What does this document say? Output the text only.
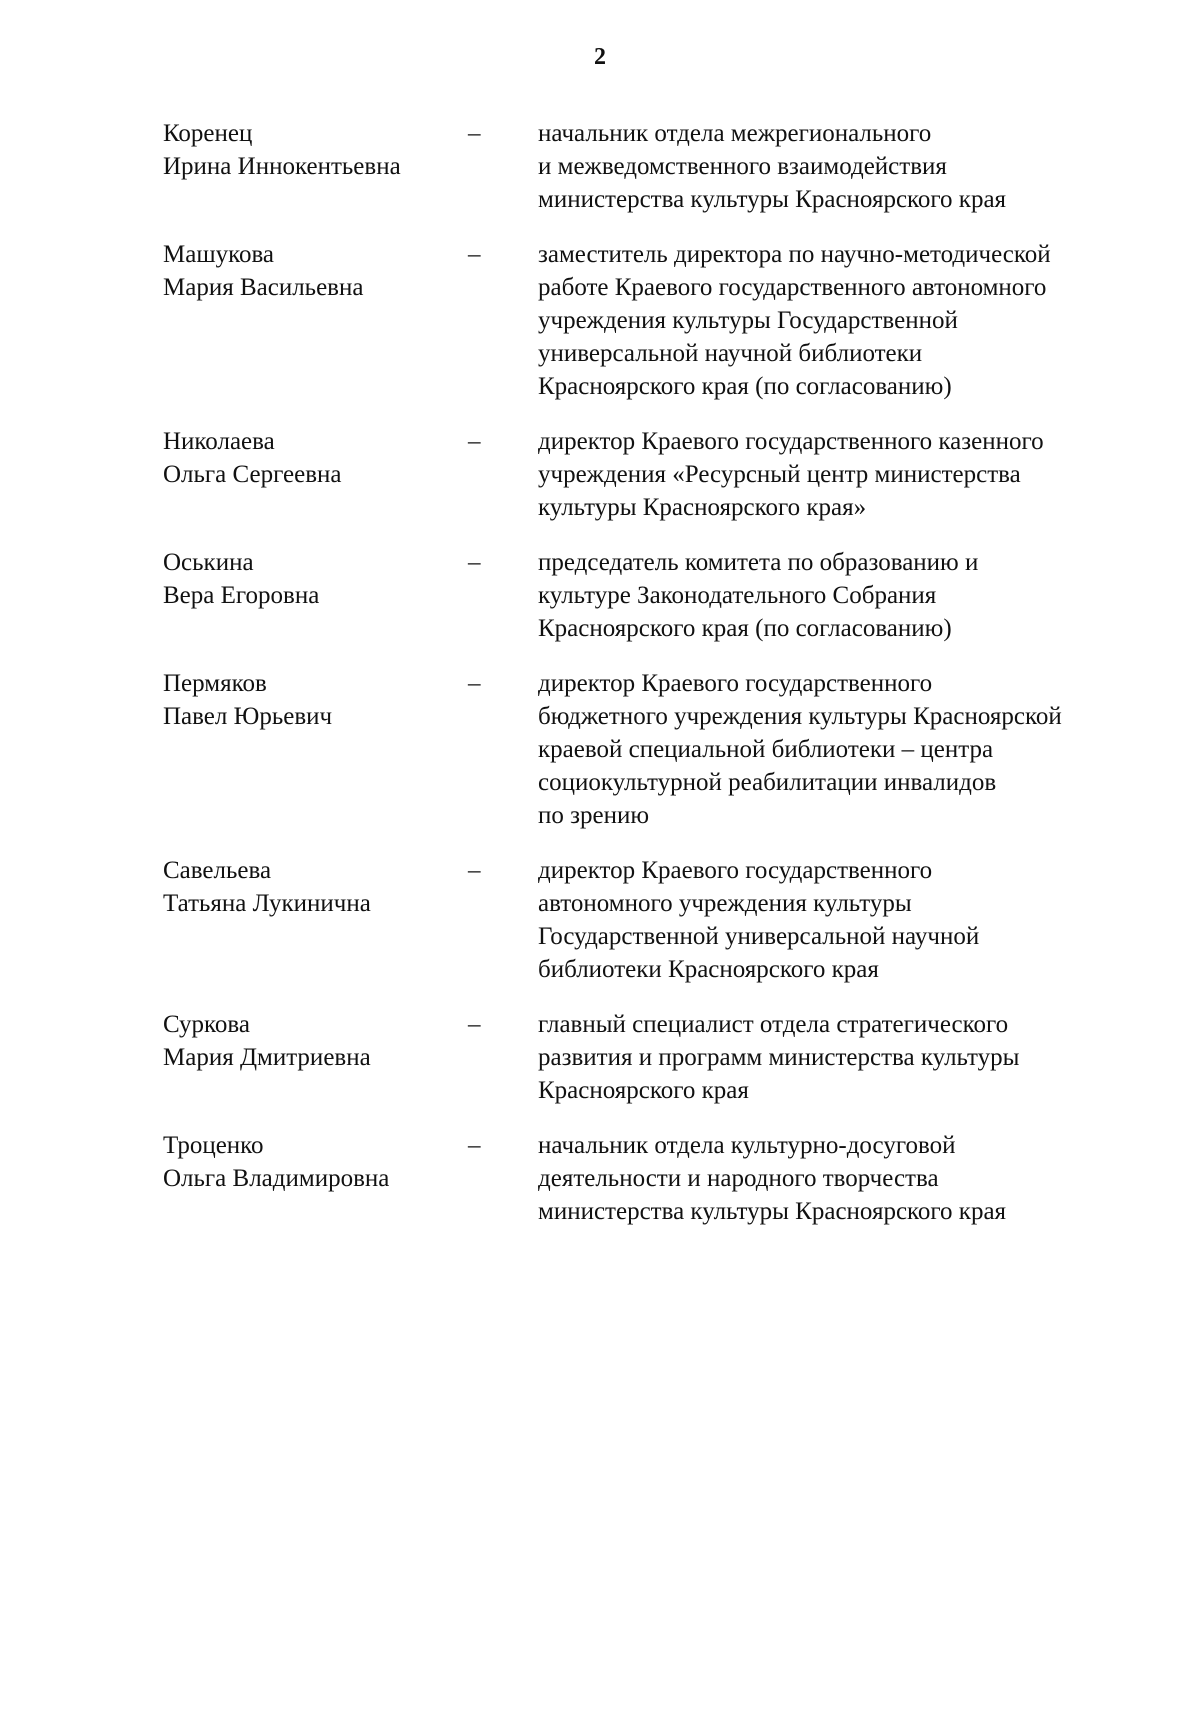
2
Коренец
Ирина Иннокентьевна
–	начальник отдела межрегионального
и межведомственного взаимодействия
министерства культуры Красноярского края
Машукова
Мария Васильевна
–	заместитель директора по научно-методической
работе Краевого государственного автономного
учреждения культуры Государственной
универсальной научной библиотеки
Красноярского края (по согласованию)
Николаева
Ольга Сергеевна
–	директор Краевого государственного казенного
учреждения «Ресурсный центр министерства
культуры Красноярского края»
Оськина
Вера Егоровна
–	председатель комитета по образованию и
культуре Законодательного Собрания
Красноярского края (по согласованию)
Пермяков
Павел Юрьевич
–	директор Краевого государственного
бюджетного учреждения культуры Красноярской
краевой специальной библиотеки – центра
социокультурной реабилитации инвалидов
по зрению
Савельева
Татьяна Лукинична
–	директор Краевого государственного
автономного учреждения культуры
Государственной универсальной научной
библиотеки Красноярского края
Суркова
Мария Дмитриевна
–	главный специалист отдела стратегического
развития и программ министерства культуры
Красноярского края
Троценко
Ольга Владимировна
–	начальник отдела культурно-досуговой
деятельности и народного творчества
министерства культуры Красноярского края
